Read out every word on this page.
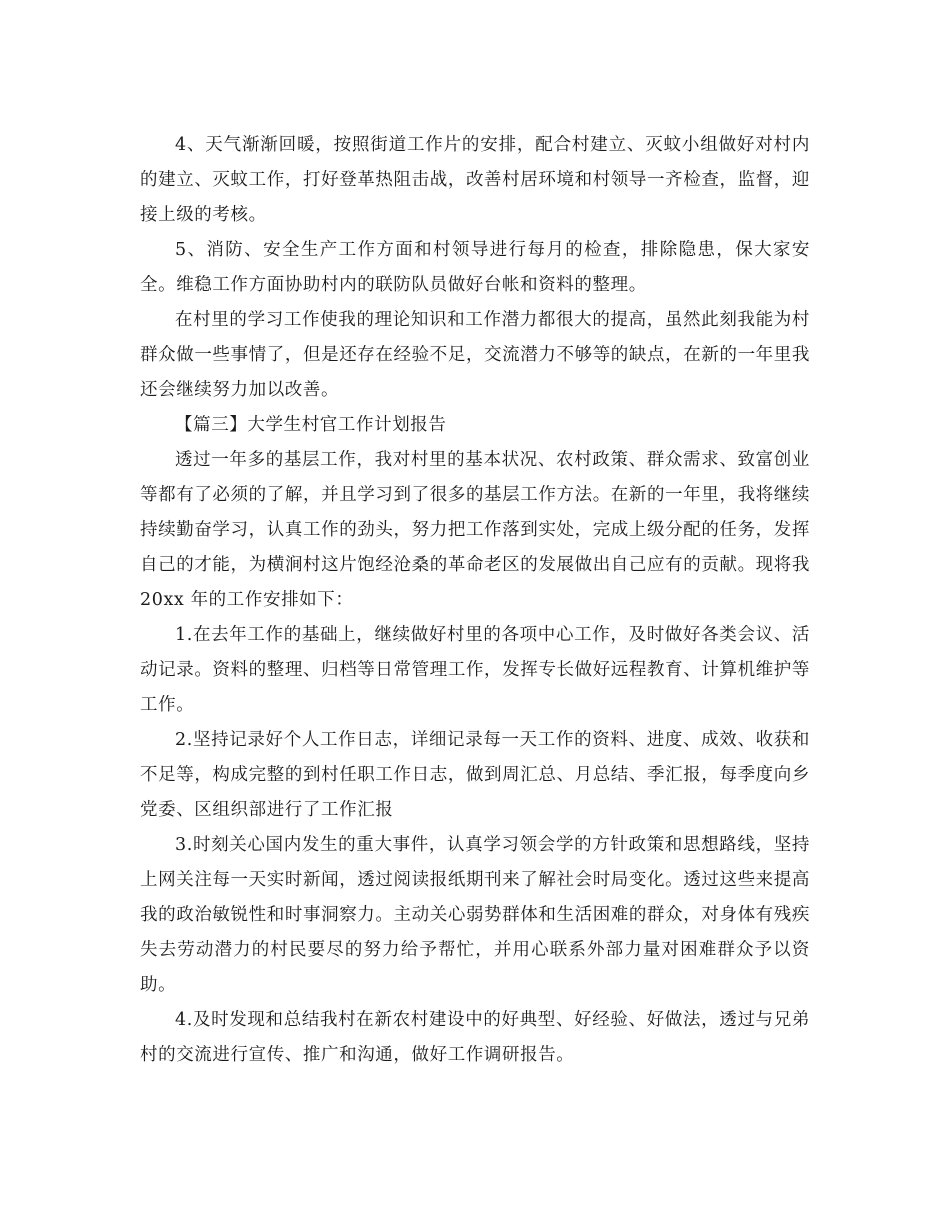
4、天气渐渐回暖，按照街道工作片的安排，配合村建立、灭蚊小组做好对村内的建立、灭蚊工作，打好登革热阻击战，改善村居环境和村领导一齐检查，监督，迎接上级的考核。

5、消防、安全生产工作方面和村领导进行每月的检查，排除隐患，保大家安全。维稳工作方面协助村内的联防队员做好台帐和资料的整理。

在村里的学习工作使我的理论知识和工作潜力都很大的提高，虽然此刻我能为村群众做一些事情了，但是还存在经验不足，交流潜力不够等的缺点，在新的一年里我还会继续努力加以改善。

【篇三】大学生村官工作计划报告

透过一年多的基层工作，我对村里的基本状况、农村政策、群众需求、致富创业等都有了必须的了解，并且学习到了很多的基层工作方法。在新的一年里，我将继续持续勤奋学习，认真工作的劲头，努力把工作落到实处，完成上级分配的任务，发挥自己的才能，为横涧村这片饱经沧桑的革命老区的发展做出自己应有的贡献。现将我 20xx 年的工作安排如下：

1.在去年工作的基础上，继续做好村里的各项中心工作，及时做好各类会议、活动记录。资料的整理、归档等日常管理工作，发挥专长做好远程教育、计算机维护等工作。

2.坚持记录好个人工作日志，详细记录每一天工作的资料、进度、成效、收获和不足等，构成完整的到村任职工作日志，做到周汇总、月总结、季汇报，每季度向乡党委、区组织部进行了工作汇报

3.时刻关心国内发生的重大事件，认真学习领会学的方针政策和思想路线，坚持上网关注每一天实时新闻，透过阅读报纸期刊来了解社会时局变化。透过这些来提高我的政治敏锐性和时事洞察力。主动关心弱势群体和生活困难的群众，对身体有残疾失去劳动潜力的村民要尽的努力给予帮忙，并用心联系外部力量对困难群众予以资助。

4.及时发现和总结我村在新农村建设中的好典型、好经验、好做法，透过与兄弟村的交流进行宣传、推广和沟通，做好工作调研报告。
